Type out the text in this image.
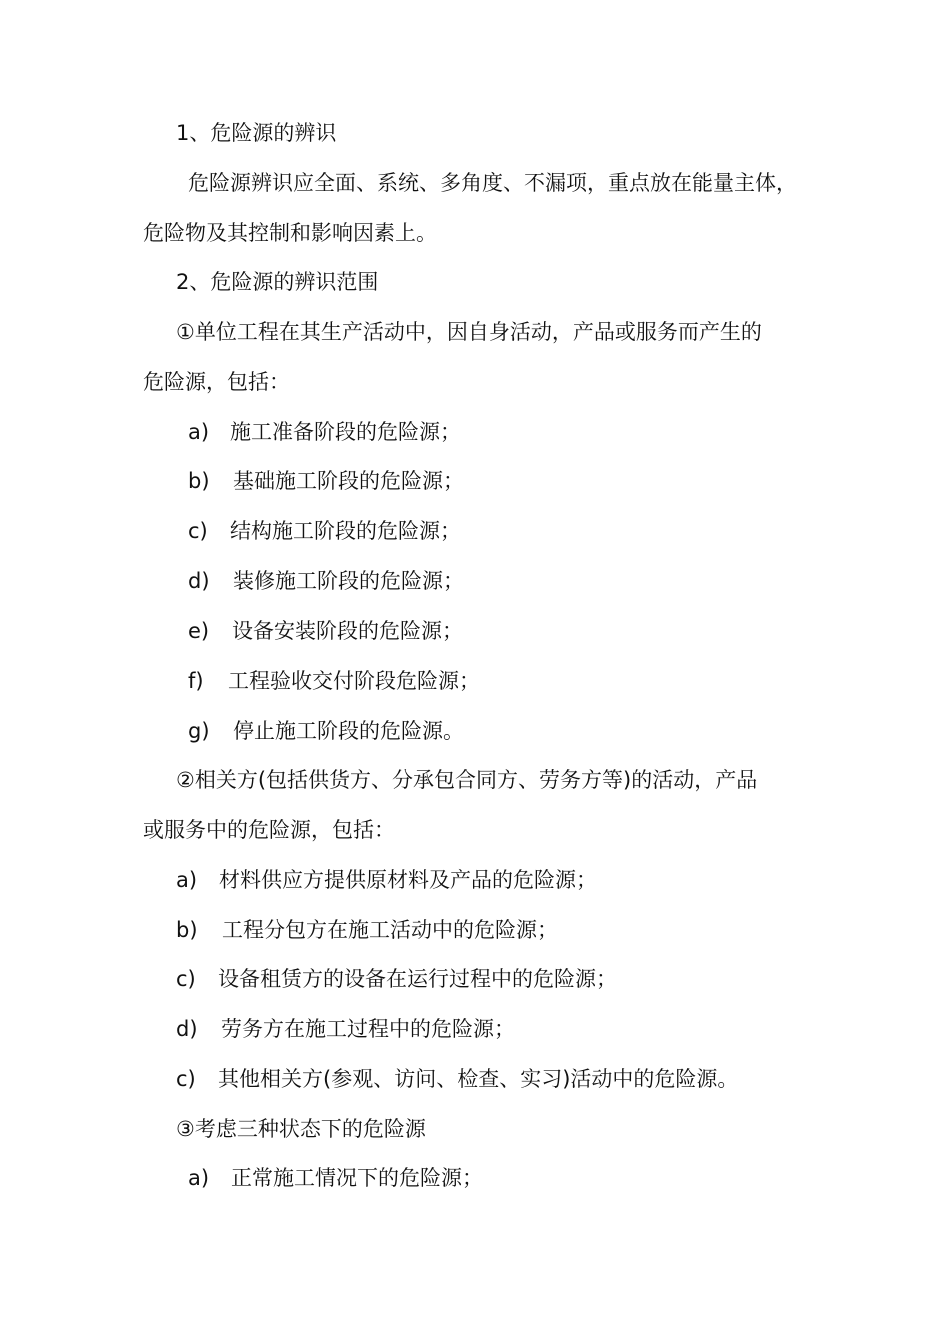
1、危险源的辨识
危险源辨识应全面、系统、多角度、不漏项，重点放在能量主体，
危险物及其控制和影响因素上。
2、危险源的辨识范围
①单位工程在其生产活动中，因自身活动，产品或服务而产生的
危险源，包括：
a) 施工准备阶段的危险源；
b) 基础施工阶段的危险源；
c) 结构施工阶段的危险源；
d) 装修施工阶段的危险源；
e) 设备安装阶段的危险源；
f) 工程验收交付阶段危险源；
g) 停止施工阶段的危险源。
②相关方(包括供货方、分承包合同方、劳务方等)的活动，产品
或服务中的危险源，包括：
a) 材料供应方提供原材料及产品的危险源；
b) 工程分包方在施工活动中的危险源；
c) 设备租赁方的设备在运行过程中的危险源；
d) 劳务方在施工过程中的危险源；
c) 其他相关方(参观、访问、检查、实习)活动中的危险源。
③考虑三种状态下的危险源
a) 正常施工情况下的危险源；
